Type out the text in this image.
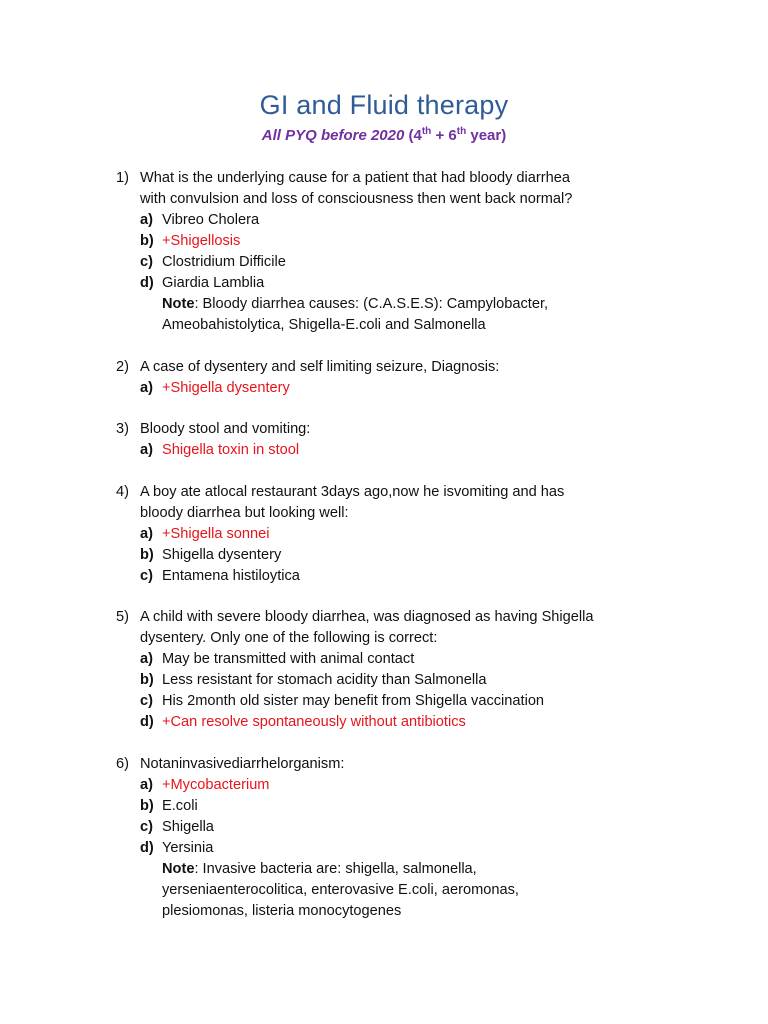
GI and Fluid therapy
All PYQ before 2020 (4th + 6th year)
1) What is the underlying cause for a patient that had bloody diarrhea
with convulsion and loss of consciousness then went back normal?
a) Vibreo Cholera
b) +Shigellosis
c) Clostridium Difficile
d) Giardia Lamblia
Note: Bloody diarrhea causes: (C.A.S.E.S): Campylobacter,
Ameobahistolytica, Shigella-E.coli and Salmonella
2) A case of dysentery and self limiting seizure, Diagnosis:
a) +Shigella dysentery
3) Bloody stool and vomiting:
a) Shigella toxin in stool
4) A boy ate atlocal restaurant 3days ago,now he isvomiting and has
bloody diarrhea but looking well:
a) +Shigella sonnei
b) Shigella dysentery
c) Entamena histiloytica
5) A child with severe bloody diarrhea, was diagnosed as having Shigella
dysentery. Only one of the following is correct:
a) May be transmitted with animal contact
b) Less resistant for stomach acidity than Salmonella
c) His 2month old sister may benefit from Shigella vaccination
d) +Can resolve spontaneously without antibiotics
6) Notaninvasivediarrhelorganism:
a) +Mycobacterium
b) E.coli
c) Shigella
d) Yersinia
Note: Invasive bacteria are: shigella, salmonella,
yerseniaenterocolitica, enterovasive E.coli, aeromonas,
plesiomonas, listeria monocytogenes
